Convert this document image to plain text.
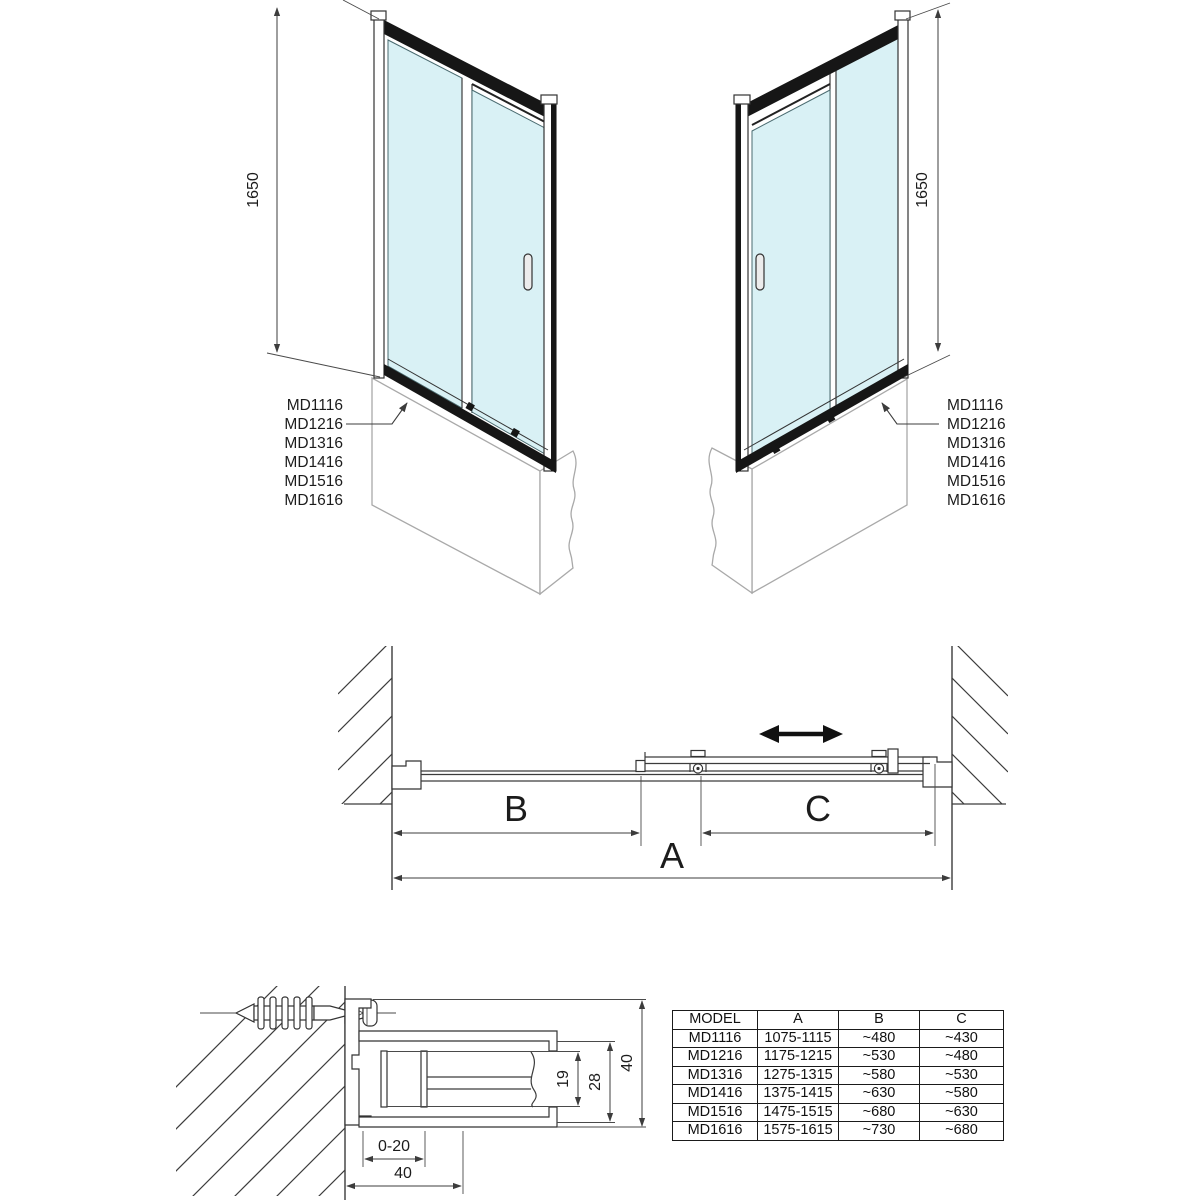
1650
MD1116
MD1216
MD1316
MD1416
MD1516
MD1616
1650
MD1116
MD1216
MD1316
MD1416
MD1516
MD1616
B	C
A
19 28
40
0-20
40
MODEL	A	B	C
MD1116	1075-1115	~480	~430
MD1216	1175-1215	~530	~480
MD1316	1275-1315	~580	~530
MD1416	1375-1415	~630	~580
MD1516	1475-1515	~680	~630
MD1616	1575-1615	~730	~680
